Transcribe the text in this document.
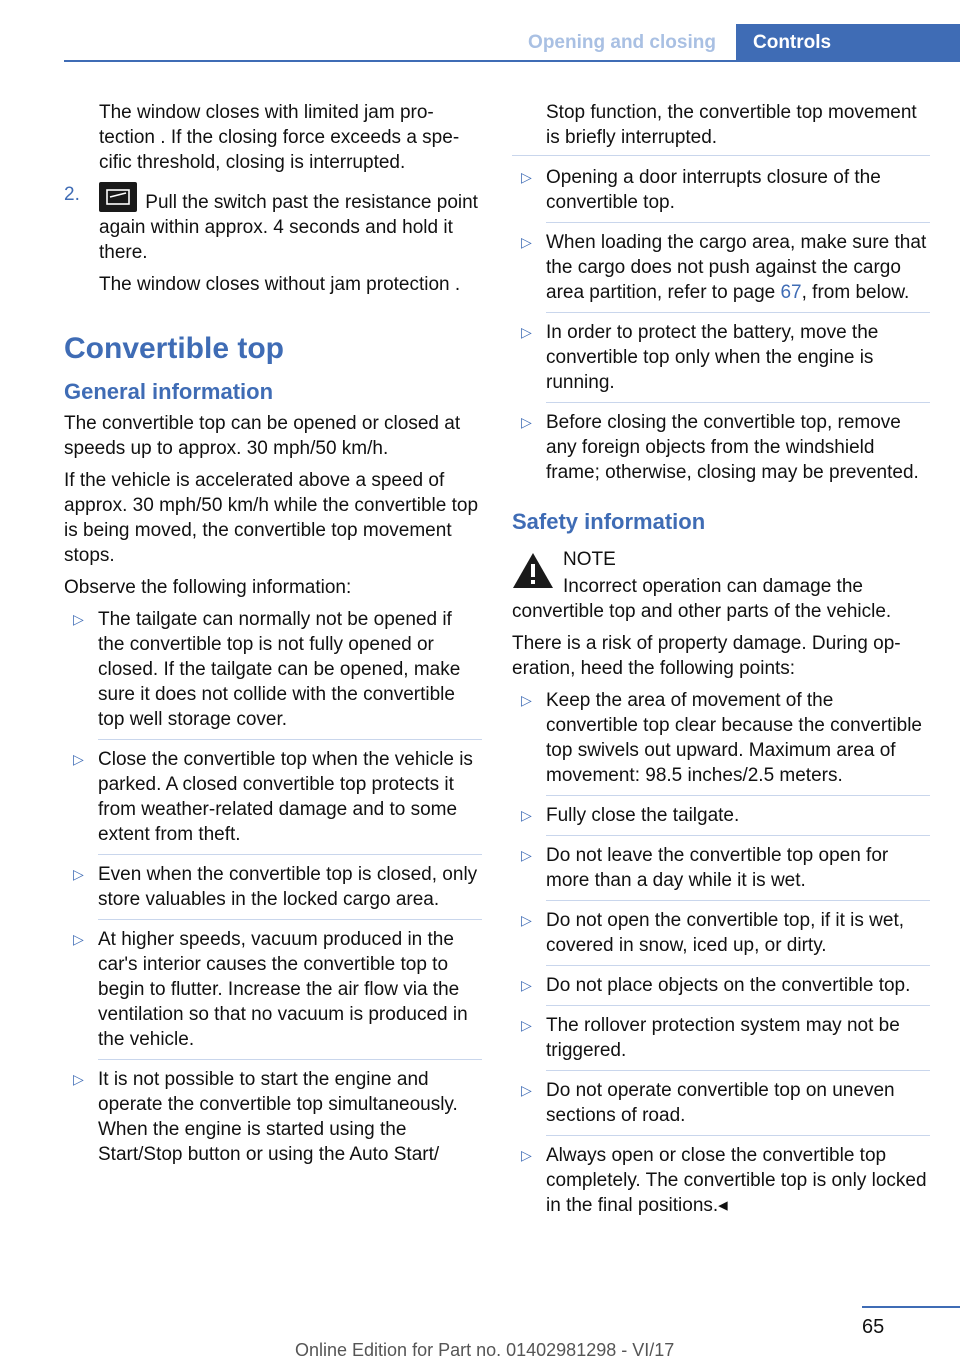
Opening and closing	Controls

The window closes with limited jam protection . If the closing force exceeds a specific threshold, closing is interrupted.

2.	Pull the switch past the resistance point again within approx. 4 seconds and hold it there.

The window closes without jam protection .

Convertible top
General information

The convertible top can be opened or closed at speeds up to approx. 30 mph/50 km/h.

If the vehicle is accelerated above a speed of approx. 30 mph/50 km/h while the convertible top is being moved, the convertible top movement stops.

Observe the following information:

▷ The tailgate can normally not be opened if the convertible top is not fully opened or closed. If the tailgate can be opened, make sure it does not collide with the convertible top well storage cover.
▷ Close the convertible top when the vehicle is parked. A closed convertible top protects it from weather-related damage and to some extent from theft.
▷ Even when the convertible top is closed, only store valuables in the locked cargo area.
▷ At higher speeds, vacuum produced in the car's interior causes the convertible top to begin to flutter. Increase the air flow via the ventilation so that no vacuum is produced in the vehicle.
▷ It is not possible to start the engine and operate the convertible top simultaneously. When the engine is started using the Start/Stop button or using the Auto Start/

Stop function, the convertible top movement is briefly interrupted.

▷ Opening a door interrupts closure of the convertible top.
▷ When loading the cargo area, make sure that the cargo does not push against the cargo area partition, refer to page 67, from below.
▷ In order to protect the battery, move the convertible top only when the engine is running.
▷ Before closing the convertible top, remove any foreign objects from the windshield frame; otherwise, closing may be prevented.
Safety information
NOTE

Incorrect operation can damage the convertible top and other parts of the vehicle.

There is a risk of property damage. During operation, heed the following points:

▷ Keep the area of movement of the convertible top clear because the convertible top swivels out upward. Maximum area of movement: 98.5 inches/2.5 meters.
▷ Fully close the tailgate.
▷ Do not leave the convertible top open for more than a day while it is wet.
▷ Do not open the convertible top, if it is wet, covered in snow, iced up, or dirty.
▷ Do not place objects on the convertible top.
▷ The rollover protection system may not be triggered.
▷ Do not operate convertible top on uneven sections of road.
▷ Always open or close the convertible top completely. The convertible top is only locked in the final positions.◂
65
Online Edition for Part no. 01402981298 - VI/17
